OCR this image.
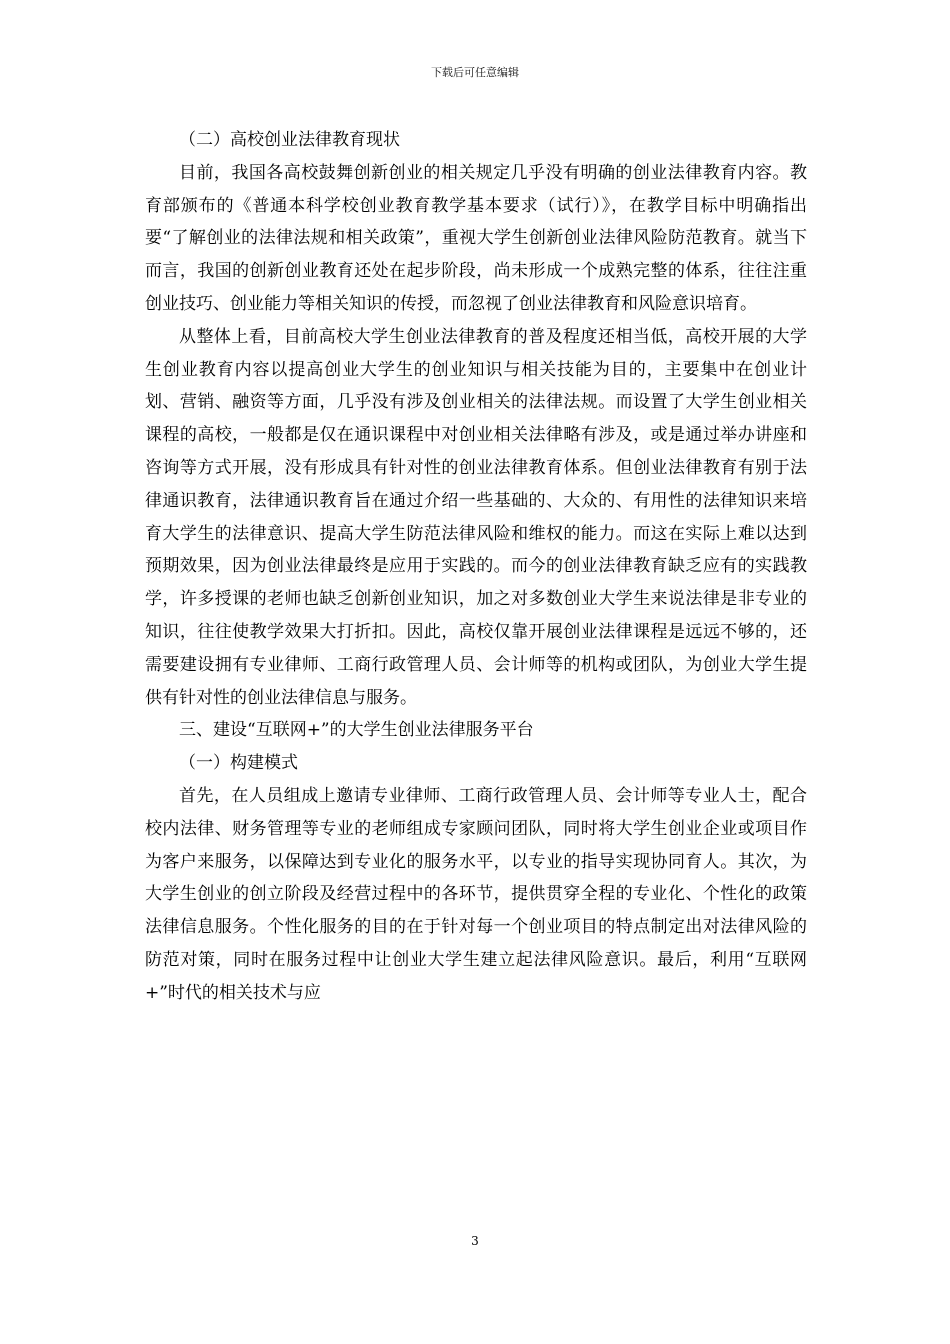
下载后可任意编辑

（二）高校创业法律教育现状

目前，我国各高校鼓舞创新创业的相关规定几乎没有明确的创业法律教育内容。教育部颁布的《普通本科学校创业教育教学基本要求（试行）》，在教学目标中明确指出要“了解创业的法律法规和相关政策”，重视大学生创新创业法律风险防范教育。就当下而言，我国的创新创业教育还处在起步阶段，尚未形成一个成熟完整的体系，往往注重创业技巧、创业能力等相关知识的传授，而忽视了创业法律教育和风险意识培育。

从整体上看，目前高校大学生创业法律教育的普及程度还相当低，高校开展的大学生创业教育内容以提高创业大学生的创业知识与相关技能为目的，主要集中在创业计划、营销、融资等方面，几乎没有涉及创业相关的法律法规。而设置了大学生创业相关课程的高校，一般都是仅在通识课程中对创业相关法律略有涉及，或是通过举办讲座和咨询等方式开展，没有形成具有针对性的创业法律教育体系。但创业法律教育有别于法律通识教育，法律通识教育旨在通过介绍一些基础的、大众的、有用性的法律知识来培育大学生的法律意识、提高大学生防范法律风险和维权的能力。而这在实际上难以达到预期效果，因为创业法律最终是应用于实践的。而今的创业法律教育缺乏应有的实践教学，许多授课的老师也缺乏创新创业知识，加之对多数创业大学生来说法律是非专业的知识，往往使教学效果大打折扣。因此，高校仅靠开展创业法律课程是远远不够的，还需要建设拥有专业律师、工商行政管理人员、会计师等的机构或团队，为创业大学生提供有针对性的创业法律信息与服务。

三、建设“互联网+”的大学生创业法律服务平台

（一）构建模式

首先，在人员组成上邀请专业律师、工商行政管理人员、会计师等专业人士，配合校内法律、财务管理等专业的老师组成专家顾问团队，同时将大学生创业企业或项目作为客户来服务，以保障达到专业化的服务水平，以专业的指导实现协同育人。其次，为大学生创业的创立阶段及经营过程中的各环节，提供贯穿全程的专业化、个性化的政策法律信息服务。个性化服务的目的在于针对每一个创业项目的特点制定出对法律风险的防范对策，同时在服务过程中让创业大学生建立起法律风险意识。最后，利用“互联网+”时代的相关技术与应

3
